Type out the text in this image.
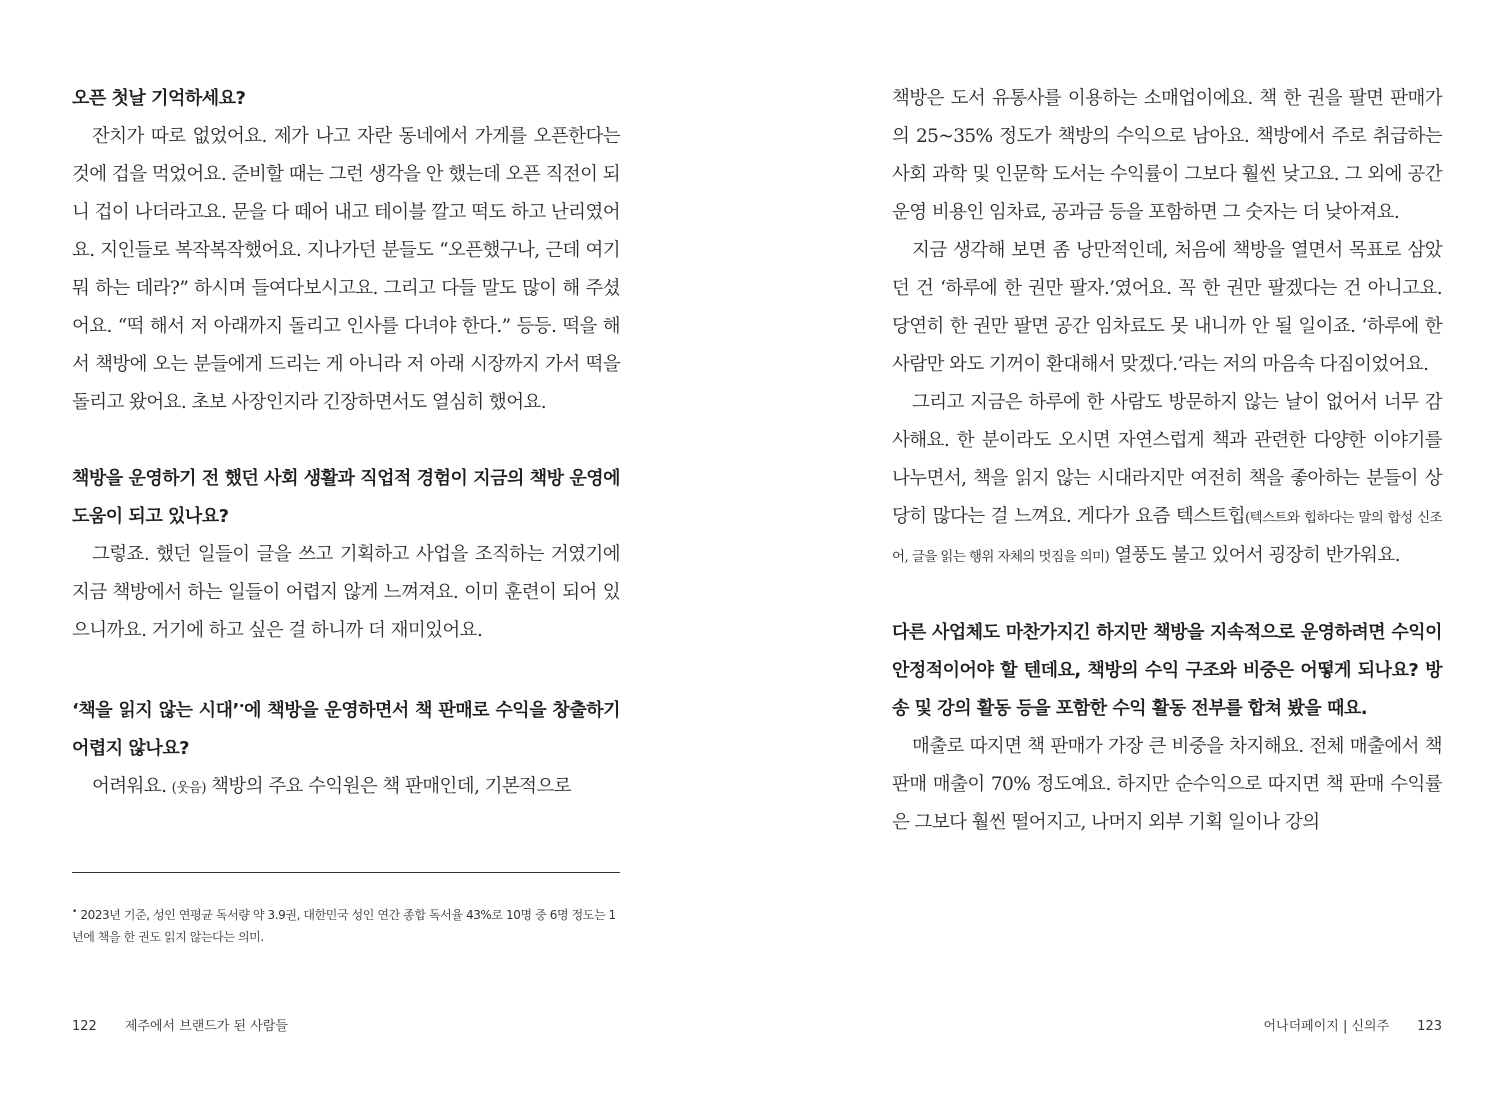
오픈 첫날 기억하세요?

잔치가 따로 없었어요. 제가 나고 자란 동네에서 가게를 오픈한다는 것에 겁을 먹었어요. 준비할 때는 그런 생각을 안 했는데 오픈 직전이 되니 겁이 나더라고요. 문을 다 떼어 내고 테이블 깔고 떡도 하고 난리였어요. 지인들로 복작복작했어요. 지나가던 분들도 “오픈했구나, 근데 여기 뭐 하는 데라?” 하시며 들여다보시고요. 그리고 다들 말도 많이 해 주셨어요. “떡 해서 저 아래까지 돌리고 인사를 다녀야 한다.” 등등. 떡을 해서 책방에 오는 분들에게 드리는 게 아니라 저 아래 시장까지 가서 떡을 돌리고 왔어요. 초보 사장인지라 긴장하면서도 열심히 했어요.

책방을 운영하기 전 했던 사회 생활과 직업적 경험이 지금의 책방 운영에 도움이 되고 있나요?

그렇죠. 했던 일들이 글을 쓰고 기획하고 사업을 조직하는 거였기에 지금 책방에서 하는 일들이 어렵지 않게 느껴져요. 이미 훈련이 되어 있으니까요. 거기에 하고 싶은 걸 하니까 더 재미있어요.

‘책을 읽지 않는 시대’•에 책방을 운영하면서 책 판매로 수익을 창출하기 어렵지 않나요?

어려워요. (웃음) 책방의 주요 수익원은 책 판매인데, 기본적으로

• 2023년 기준, 성인 연평균 독서량 약 3.9권, 대한민국 성인 연간 종합 독서율 43%로 10명 중 6명 정도는 1년에 책을 한 권도 읽지 않는다는 의미.

122 제주에서 브랜드가 된 사람들

책방은 도서 유통사를 이용하는 소매업이에요. 책 한 권을 팔면 판매가의 25~35% 정도가 책방의 수익으로 남아요. 책방에서 주로 취급하는 사회 과학 및 인문학 도서는 수익률이 그보다 훨씬 낮고요. 그 외에 공간 운영 비용인 임차료, 공과금 등을 포함하면 그 숫자는 더 낮아져요.

지금 생각해 보면 좀 낭만적인데, 처음에 책방을 열면서 목표로 삼았던 건 ‘하루에 한 권만 팔자.’였어요. 꼭 한 권만 팔겠다는 건 아니고요. 당연히 한 권만 팔면 공간 임차료도 못 내니까 안 될 일이죠. ‘하루에 한 사람만 와도 기꺼이 환대해서 맞겠다.’라는 저의 마음속 다짐이었어요.

그리고 지금은 하루에 한 사람도 방문하지 않는 날이 없어서 너무 감사해요. 한 분이라도 오시면 자연스럽게 책과 관련한 다양한 이야기를 나누면서, 책을 읽지 않는 시대라지만 여전히 책을 좋아하는 분들이 상당히 많다는 걸 느껴요. 게다가 요즘 텍스트힙(텍스트와 힙하다는 말의 합성 신조어, 글을 읽는 행위 자체의 멋짐을 의미) 열풍도 불고 있어서 굉장히 반가워요.

다른 사업체도 마찬가지긴 하지만 책방을 지속적으로 운영하려면 수익이 안정적이어야 할 텐데요, 책방의 수익 구조와 비중은 어떻게 되나요? 방송 및 강의 활동 등을 포함한 수익 활동 전부를 합쳐 봤을 때요.

매출로 따지면 책 판매가 가장 큰 비중을 차지해요. 전체 매출에서 책 판매 매출이 70% 정도예요. 하지만 순수익으로 따지면 책 판매 수익률은 그보다 훨씬 떨어지고, 나머지 외부 기획 일이나 강의

어나더페이지 | 신의주 123
